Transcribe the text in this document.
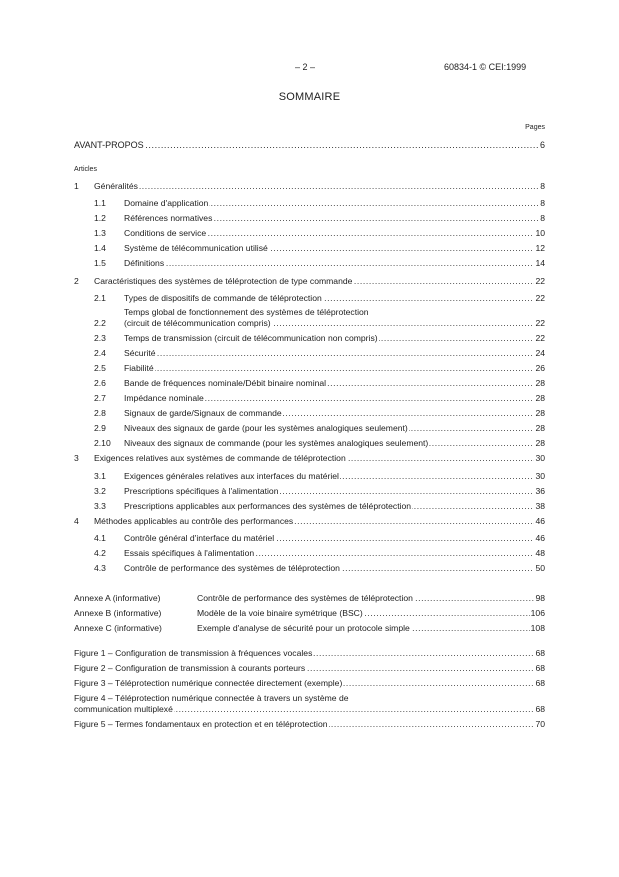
– 2 –	60834-1 © CEI:1999
SOMMAIRE
Pages
AVANT-PROPOS .....	6
Articles
1	Généralités .....	8
1.1	Domaine d'application .....	8
1.2	Références normatives .....	8
1.3	Conditions de service .....	10
1.4	Système de télécommunication utilisé .....	12
1.5	Définitions .....	14
2	Caractéristiques des systèmes de téléprotection de type commande .....	22
2.1	Types de dispositifs de commande de téléprotection .....	22
Temps global de fonctionnement des systèmes de téléprotection
2.2	(circuit de télécommunication compris) .....	22
2.3	Temps de transmission (circuit de télécommunication non compris) .....	22
2.4	Sécurité .....	24
2.5	Fiabilité .....	26
2.6	Bande de fréquences nominale/Débit binaire nominal .....	28
2.7	Impédance nominale .....	28
2.8	Signaux de garde/Signaux de commande .....	28
2.9	Niveaux des signaux de garde (pour les systèmes analogiques seulement) .....	28
2.10	Niveaux des signaux de commande (pour les systèmes analogiques seulement) .....	28
3	Exigences relatives aux systèmes de commande de téléprotection .....	30
3.1	Exigences générales relatives aux interfaces du matériel .....	30
3.2	Prescriptions spécifiques à l'alimentation .....	36
3.3	Prescriptions applicables aux performances des systèmes de téléprotection .....	38
4	Méthodes applicables au contrôle des performances .....	46
4.1	Contrôle général d'interface du matériel .....	46
4.2	Essais spécifiques à l'alimentation .....	48
4.3	Contrôle de performance des systèmes de téléprotection .....	50
Annexe A (informative)	Contrôle de performance des systèmes de téléprotection .....	98
Annexe B (informative)	Modèle de la voie binaire symétrique (BSC) .....	106
Annexe C (informative)	Exemple d'analyse de sécurité pour un protocole simple .....	108
Figure 1 – Configuration de transmission à fréquences vocales .....	68
Figure 2 – Configuration de transmission à courants porteurs .....	68
Figure 3 – Téléprotection numérique connectée directement (exemple) .....	68
Figure 4 – Téléprotection numérique connectée à travers un système de
communication multiplexé .....	68
Figure 5 – Termes fondamentaux en protection et en téléprotection .....	70
